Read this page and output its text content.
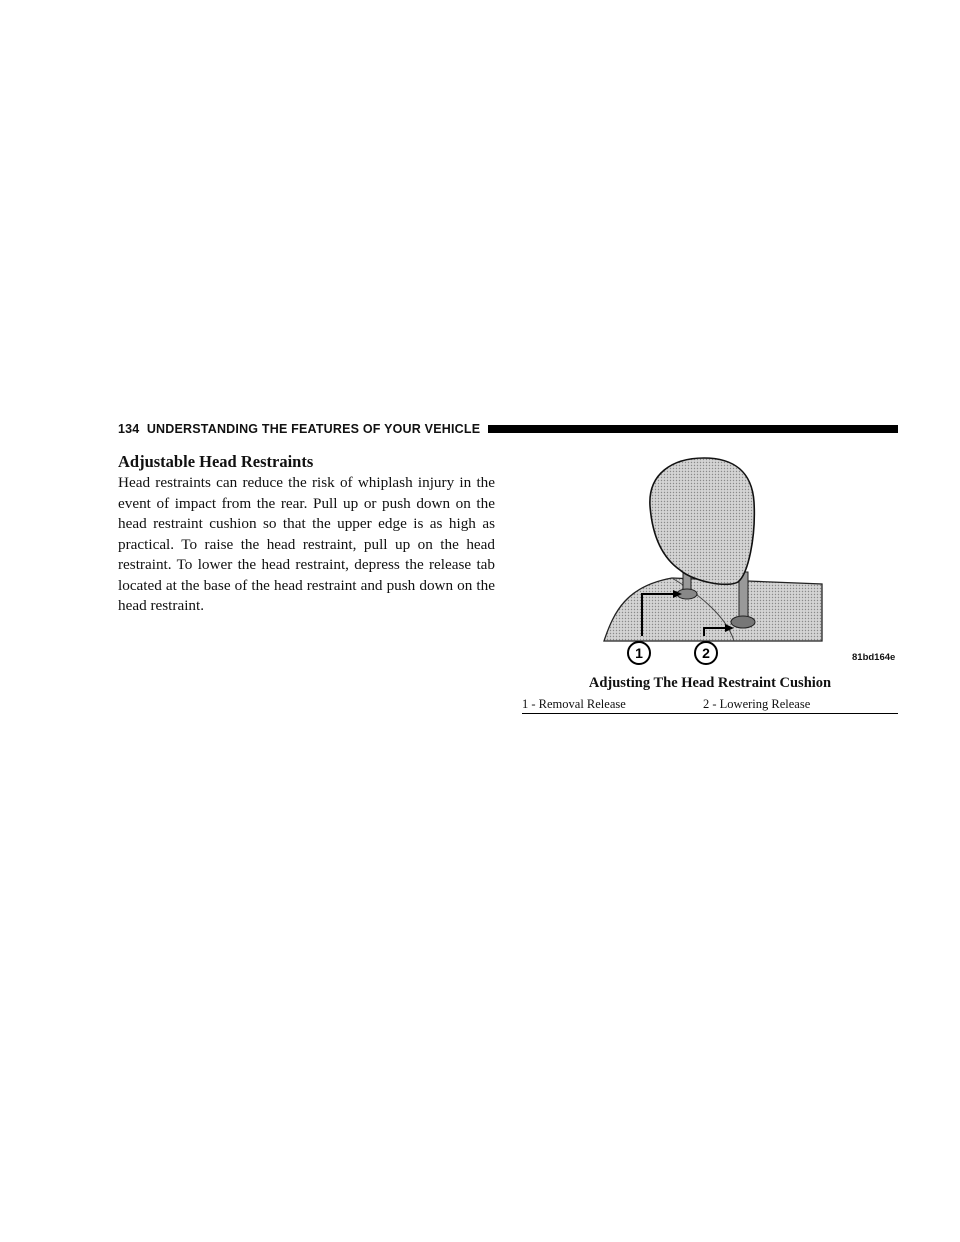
134 UNDERSTANDING THE FEATURES OF YOUR VEHICLE
Adjustable Head Restraints

Head restraints can reduce the risk of whiplash injury in the event of impact from the rear. Pull up or push down on the head restraint cushion so that the upper edge is as high as practical. To raise the head restraint, pull up on the head restraint. To lower the head restraint, depress the release tab located at the base of the head restraint and push down on the head restraint.

1	2	81bd164e
Adjusting The Head Restraint Cushion
1 - Removal Release	2 - Lowering Release
